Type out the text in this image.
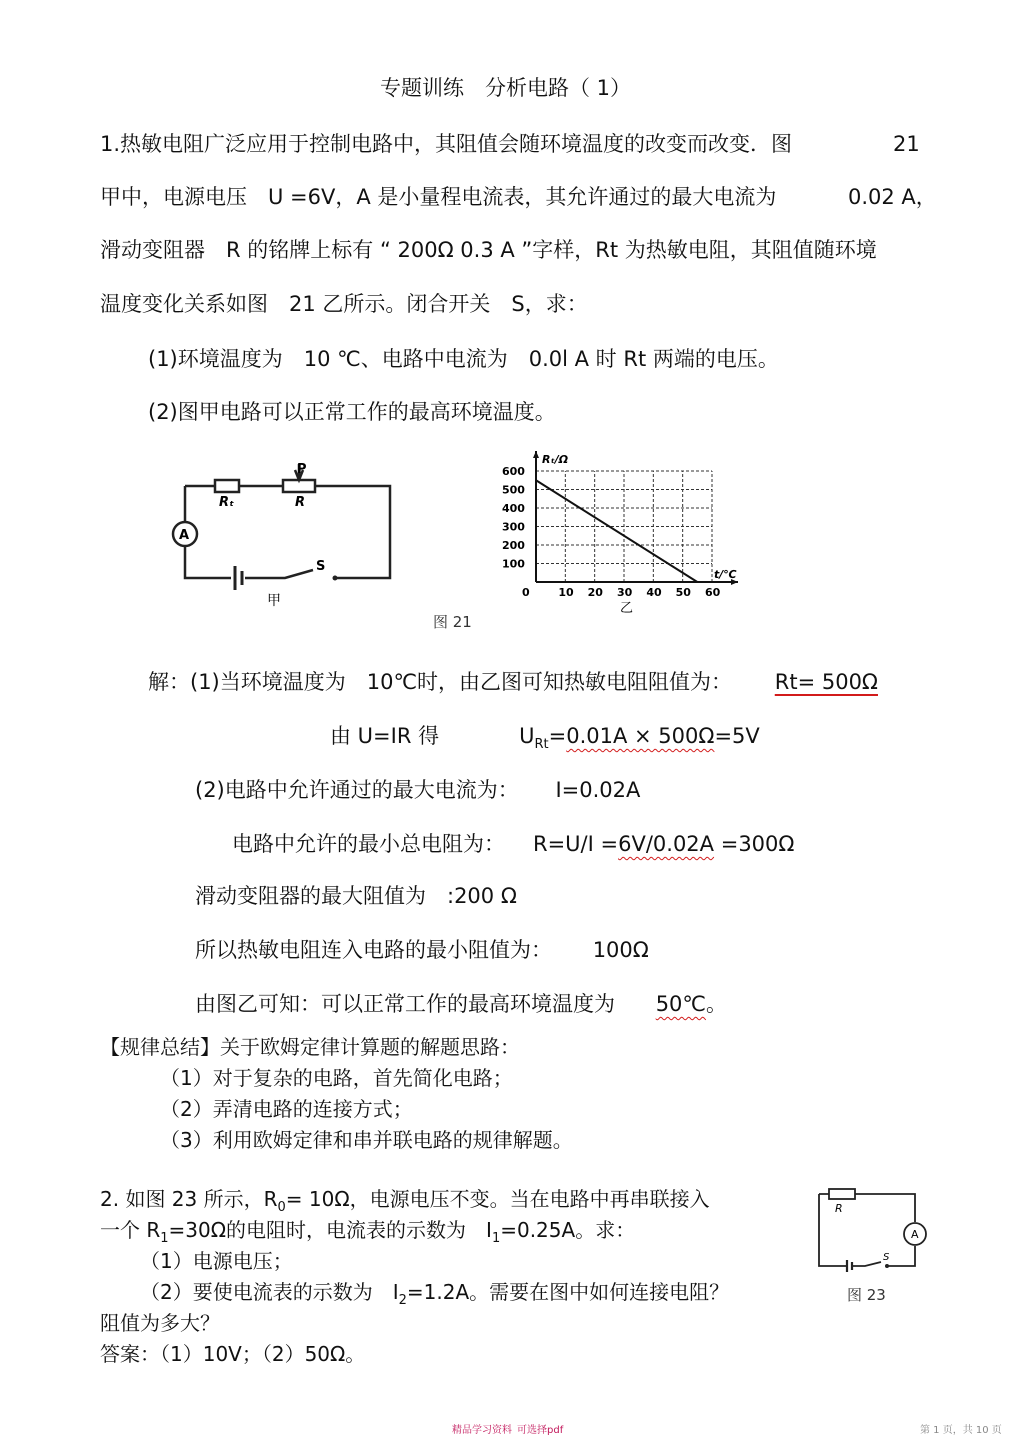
专题训练　分析电路（ 1）
1.热敏电阻广泛应用于控制电路中，其阻值会随环境温度的改变而改变．图	21
甲中，电源电压　U =6V，A 是小量程电流表，其允许通过的最大电流为	0.02 A，
滑动变阻器　R 的铭牌上标有 “ 200Ω 0.3 A ”字样，Rt 为热敏电阻，其阻值随环境
温度变化关系如图　21 乙所示。闭合开关　S，求：
(1)环境温度为　10 ℃、电路中电流为　0.0l A 时 Rt 两端的电压。
(2)图甲电路可以正常工作的最高环境温度。
P
Rₜ	R
A
S
甲
0	10 20 30 40 50 60
100
200
300
400
500
600
t/℃
Rₜ/Ω
乙
图 21
解：(1)当环境温度为　10℃时，由乙图可知热敏电阻阻值为： Rt= 500Ω
由 U=IR 得	$U_{Rt}=0.01A \times 500\Omega=5V$
(2)电路中允许通过的最大电流为： I=0.02A
电路中允许的最小总电阻为： R=U/I =6V/0.02A =300Ω
滑动变阻器的最大阻值为　:200 Ω
所以热敏电阻连入电路的最小阻值为： 100Ω
由图乙可知：可以正常工作的最高环境温度为 50℃。
【规律总结】关于欧姆定律计算题的解题思路：
（1）对于复杂的电路，首先简化电路；
（2）弄清电路的连接方式；
（3）利用欧姆定律和串并联电路的规律解题。
2. 如图 23 所示，$R_0= 10\Omega$，电源电压不变。当在电路中再串联接入
一个 $R_1=30\Omega$的电阻时，电流表的示数为　$I_1=0.25A$。求：
（1）电源电压；
（2）要使电流表的示数为　$I_2=1.2A$。需要在图中如何连接电阻？
阻值为多大？
答案：（1）10V；（2）50Ω。
R
A
S
图 23
精品学习资料 可选择pdf	第 1 页，共 10 页
